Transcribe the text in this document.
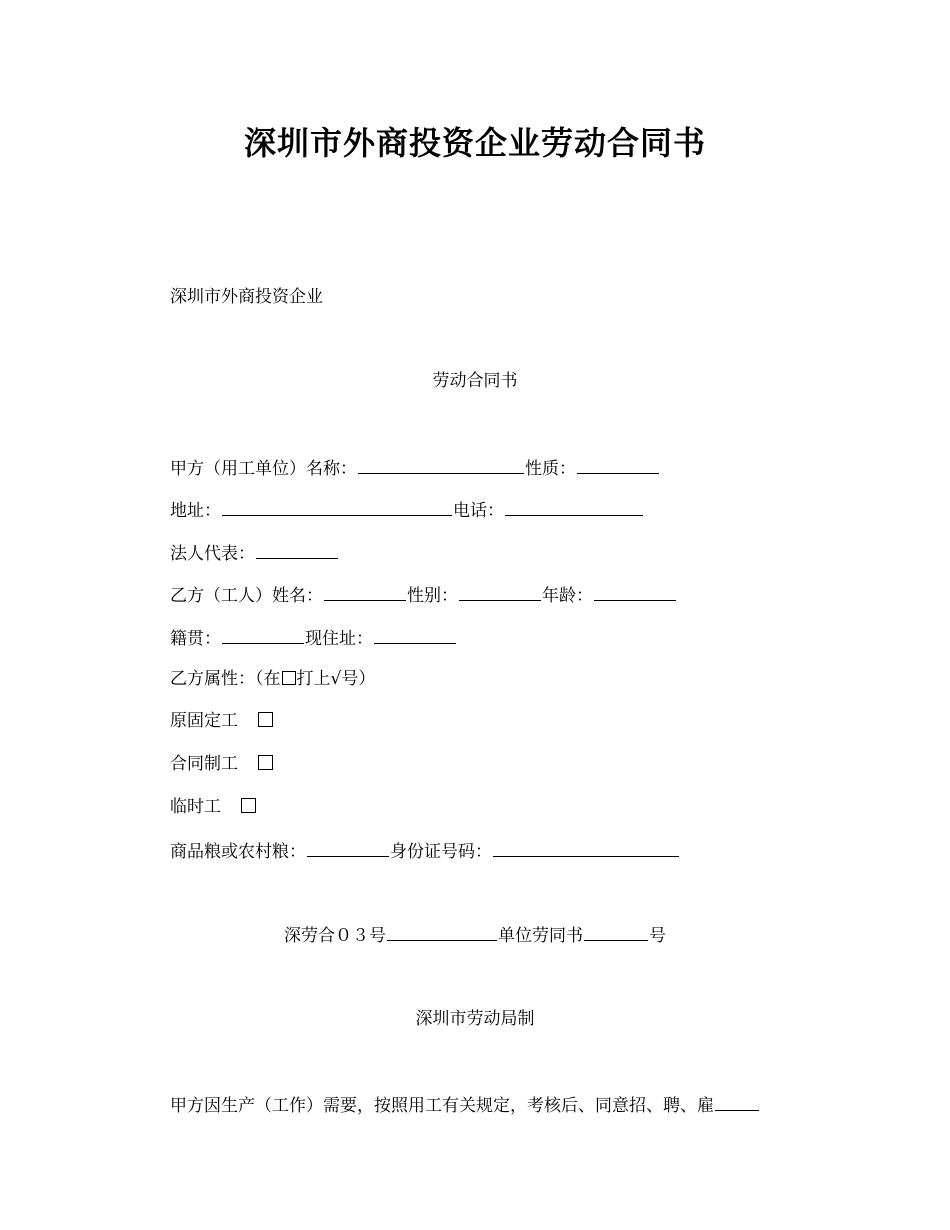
深圳市外商投资企业劳动合同书
深圳市外商投资企业
劳动合同书
甲方（用工单位）名称：	性质：
地址：	电话：
法人代表：
乙方（工人）姓名：	性别：	年龄：
籍贯：	现住址：
乙方属性：（在 打上√号）
原固定工
合同制工
临时工
商品粮或农村粮：	身份证号码：
深劳合０３号	单位劳同书	号
深圳市劳动局制
甲方因生产（工作）需要，按照用工有关规定，考核后、同意招、聘、雇
